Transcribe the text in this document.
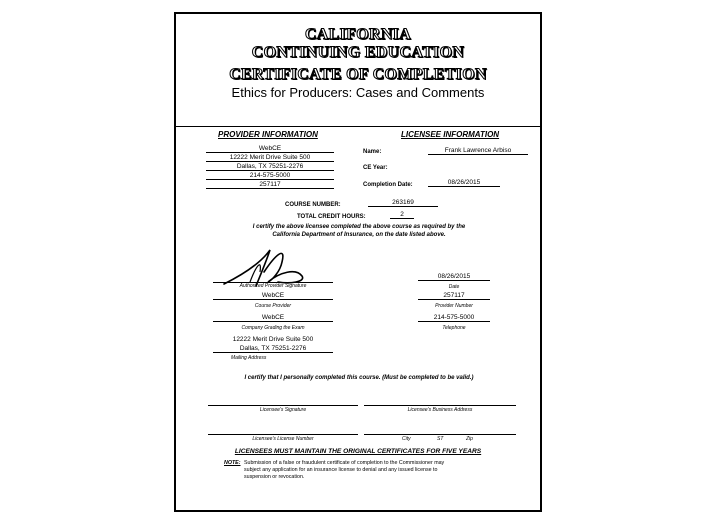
CALIFORNIA
CONTINUING EDUCATION
CERTIFICATE OF COMPLETION
Ethics for Producers: Cases and Comments
PROVIDER INFORMATION
WebCE
12222 Merit Drive Suite 500
Dallas, TX 75251-2276
214-575-5000
257117
LICENSEE INFORMATION
Name:	Frank Lawrence Arbiso
CE Year:
Completion Date:	08/26/2015
COURSE NUMBER:	263169
TOTAL CREDIT HOURS:	2
I certify the above licensee completed the above course as required by the
California Department of Insurance, on the date listed above.
Authorized Provider Signature
08/26/2015
Date
WebCE
Course Provider
257117
Provider Number
WebCE
Company Grading the Exam
214-575-5000
Telephone
12222 Merit Drive Suite 500
Dallas, TX 75251-2276
Mailing Address
I certify that I personally completed this course. (Must be completed to be valid.)
Licensee's Signature	Licensee's Business Address
Licensee's License Number	City	ST	Zip
LICENSEES MUST MAINTAIN THE ORIGINAL CERTIFICATES FOR FIVE YEARS
NOTE: Submission of a false or fraudulent certificate of completion to the Commissioner may
subject any application for an insurance license to denial and any issued license to
suspension or revocation.
